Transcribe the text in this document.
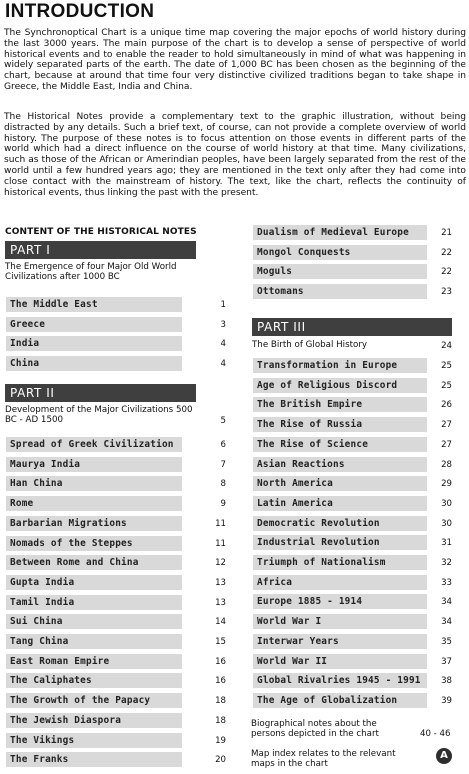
INTRODUCTION

The Synchronoptical Chart is a unique time map covering the major epochs of world history during the last 3000 years. The main purpose of the chart is to develop a sense of perspective of world historical events and to enable the reader to hold simultaneously in mind of what was happening in widely separated parts of the earth. The date of 1,000 BC has been chosen as the beginning of the chart, because at around that time four very distinctive civilized traditions began to take shape in Greece, the Middle East, India and China.

The Historical Notes provide a complementary text to the graphic illustration, without being distracted by any details. Such a brief text, of course, can not provide a complete overview of world history. The purpose of these notes is to focus attention on those events in different parts of the world which had a direct influence on the course of world history at that time. Many civilizations, such as those of the African or Amerindian peoples, have been largely separated from the rest of the world until a few hundred years ago; they are mentioned in the text only after they had come into close contact with the mainstream of history. The text, like the chart, reflects the continuity of historical events, thus linking the past with the present.

CONTENT OF THE HISTORICAL NOTES
PART I
The Emergence of four Major Old World Civilizations after 1000 BC
The Middle East	1
Greece	3
India	4
China	4
PART II
Development of the Major Civilizations 500 BC - AD 1500	5
Spread of Greek Civilization	6
Maurya India	7
Han China	8
Rome	9
Barbarian Migrations	11
Nomads of the Steppes	11
Between Rome and China	12
Gupta India	13
Tamil India	13
Sui China	14
Tang China	15
East Roman Empire	16
The Caliphates	16
The Growth of the Papacy	18
The Jewish Diaspora	18
The Vikings	19
The Franks	20
Dualism of Medieval Europe	21
Mongol Conquests	22
Moguls	22
Ottomans	23
PART III
The Birth of Global History	24
Transformation in Europe	25
Age of Religious Discord	25
The British Empire	26
The Rise of Russia	27
The Rise of Science	27
Asian Reactions	28
North America	29
Latin America	30
Democratic Revolution	30
Industrial Revolution	31
Triumph of Nationalism	32
Africa	33
Europe 1885 - 1914	34
World War I	34
Interwar Years	35
World War II	37
Global Rivalries 1945 - 1991	38
The Age of Globalization	39
Biographical notes about the persons depicted in the chart	40 - 46
Map index relates to the relevant maps in the chart
A
